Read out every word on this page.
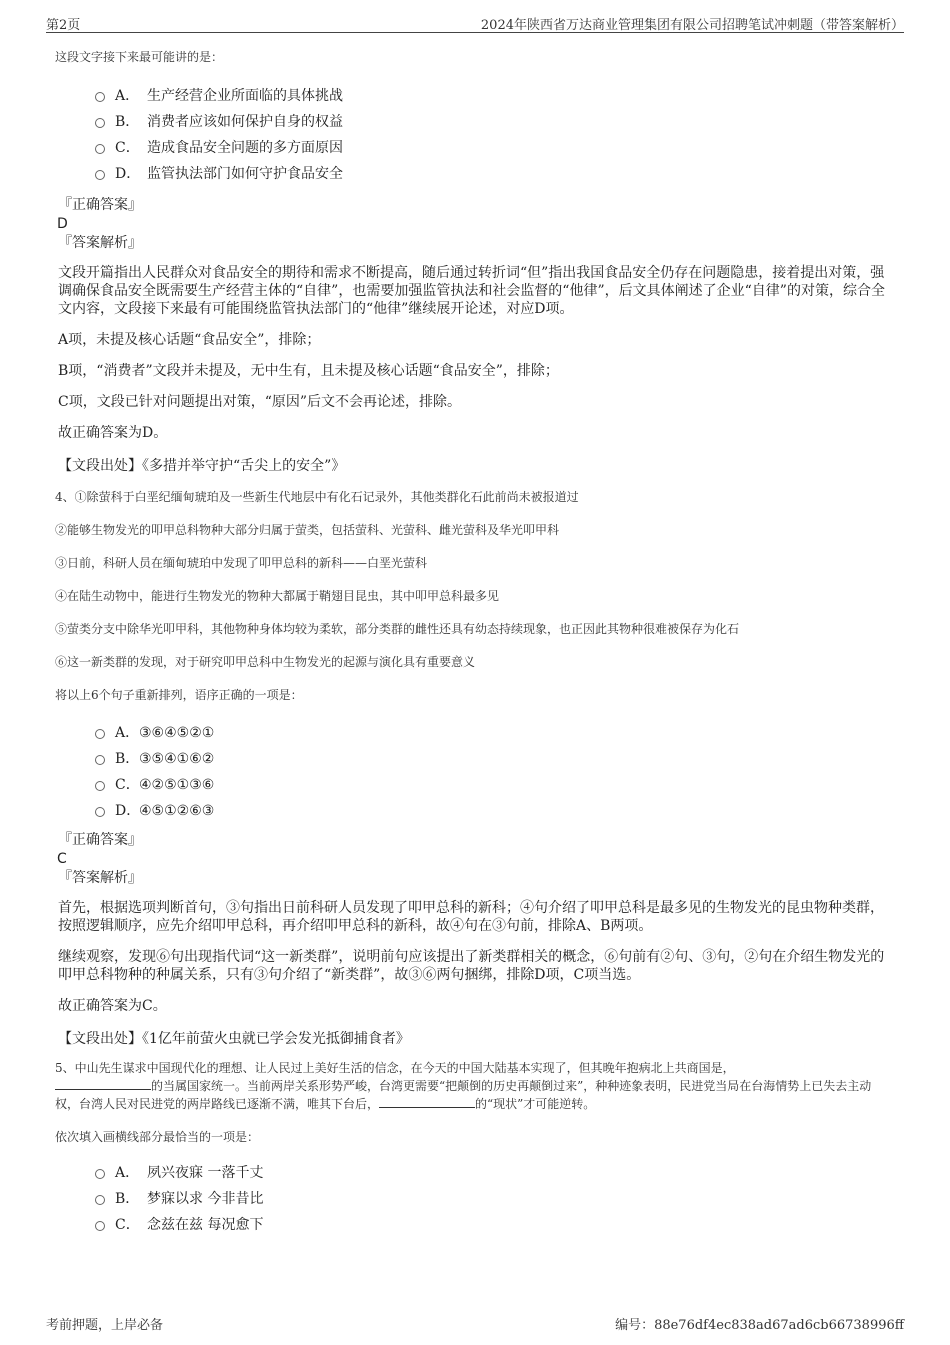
第2页	2024年陕西省万达商业管理集团有限公司招聘笔试冲刺题（带答案解析）
这段文字接下来最可能讲的是：
A． 生产经营企业所面临的具体挑战
B． 消费者应该如何保护自身的权益
C． 造成食品安全问题的多方面原因
D． 监管执法部门如何守护食品安全
『正确答案』
D
『答案解析』
文段开篇指出人民群众对食品安全的期待和需求不断提高，随后通过转折词“但”指出我国食品安全仍存在问题隐患，接着提出对策，强调确保食品安全既需要生产经营主体的“自律”，也需要加强监管执法和社会监督的“他律”，后文具体阐述了企业“自律”的对策，综合全文内容，文段接下来最有可能围绕监管执法部门的“他律”继续展开论述，对应D项。
A项，未提及核心话题“食品安全”，排除；
B项，“消费者”文段并未提及，无中生有，且未提及核心话题“食品安全”，排除；
C项，文段已针对问题提出对策，“原因”后文不会再论述，排除。
故正确答案为D。
【文段出处】《多措并举守护“舌尖上的安全”》
4、①除萤科于白垩纪缅甸琥珀及一些新生代地层中有化石记录外，其他类群化石此前尚未被报道过
②能够生物发光的叩甲总科物种大部分归属于萤类，包括萤科、光萤科、雌光萤科及华光叩甲科
③日前，科研人员在缅甸琥珀中发现了叩甲总科的新科——白垩光萤科
④在陆生动物中，能进行生物发光的物种大都属于鞘翅目昆虫，其中叩甲总科最多见
⑤萤类分支中除华光叩甲科，其他物种身体均较为柔软，部分类群的雌性还具有幼态持续现象，也正因此其物种很难被保存为化石
⑥这一新类群的发现，对于研究叩甲总科中生物发光的起源与演化具有重要意义
将以上6个句子重新排列，语序正确的一项是：
A．③⑥④⑤②①
B．③⑤④①⑥②
C．④②⑤①③⑥
D．④⑤①②⑥③
『正确答案』
C
『答案解析』
首先，根据选项判断首句，③句指出日前科研人员发现了叩甲总科的新科；④句介绍了叩甲总科是最多见的生物发光的昆虫物种类群，按照逻辑顺序，应先介绍叩甲总科，再介绍叩甲总科的新科，故④句在③句前，排除A、B两项。
继续观察，发现⑥句出现指代词“这一新类群”，说明前句应该提出了新类群相关的概念，⑥句前有②句、③句，②句在介绍生物发光的叩甲总科物种的种属关系，只有③句介绍了“新类群”，故③⑥两句捆绑，排除D项，C项当选。
故正确答案为C。
【文段出处】《1亿年前萤火虫就已学会发光抵御捕食者》
5、中山先生谋求中国现代化的理想、让人民过上美好生活的信念，在今天的中国大陆基本实现了，但其晚年抱病北上共商国是，
的当属国家统一。当前两岸关系形势严峻，台湾更需要“把颠倒的历史再颠倒过来”，种种迹象表明，民进党当局在台海情势上已失去主动权，台湾人民对民进党的两岸路线已逐渐不满，唯其下台后，	的“现状”才可能逆转。
依次填入画横线部分最恰当的一项是：
A． 夙兴夜寐 一落千丈
B． 梦寐以求 今非昔比
C． 念兹在兹 每况愈下
考前押题，上岸必备	编号：88e76df4ec838ad67ad6cb66738996ff
